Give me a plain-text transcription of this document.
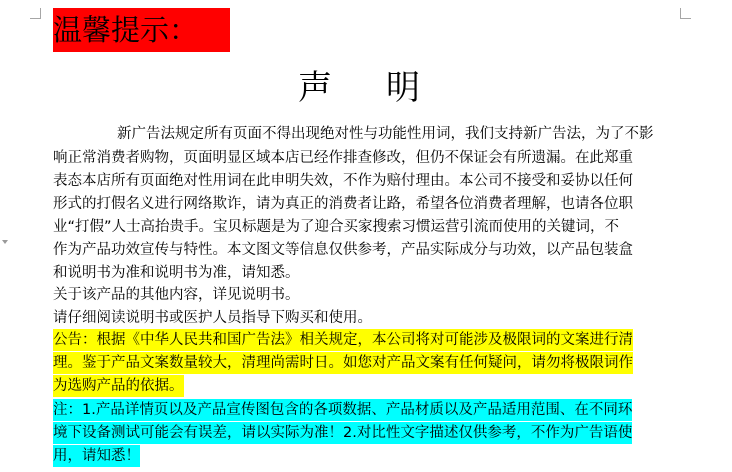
温馨提示：
声明
新广告法规定所有页面不得出现绝对性与功能性用词，我们支持新广告法，为了不影
响正常消费者购物，页面明显区域本店已经作排查修改，但仍不保证会有所遗漏。在此郑重
表态本店所有页面绝对性用词在此申明失效，不作为赔付理由。本公司不接受和妥协以任何
形式的打假名义进行网络欺诈，请为真正的消费者让路，希望各位消费者理解，也请各位职
业“打假”人士高抬贵手。宝贝标题是为了迎合买家搜索习惯运营引流而使用的关键词，不
作为产品功效宣传与特性。本文图文等信息仅供参考，产品实际成分与功效，以产品包装盒
和说明书为准和说明书为准，请知悉。
关于该产品的其他内容，详见说明书。
请仔细阅读说明书或医护人员指导下购买和使用。
公告：根据《中华人民共和国广告法》相关规定，本公司将对可能涉及极限词的文案进行清
理。鉴于产品文案数量较大，清理尚需时日。如您对产品文案有任何疑问，请勿将极限词作
为选购产品的依据。
注：1.产品详情页以及产品宣传图包含的各项数据、产品材质以及产品适用范围、在不同环
境下设备测试可能会有误差，请以实际为准！2.对比性文字描述仅供参考，不作为广告语使
用，请知悉！
